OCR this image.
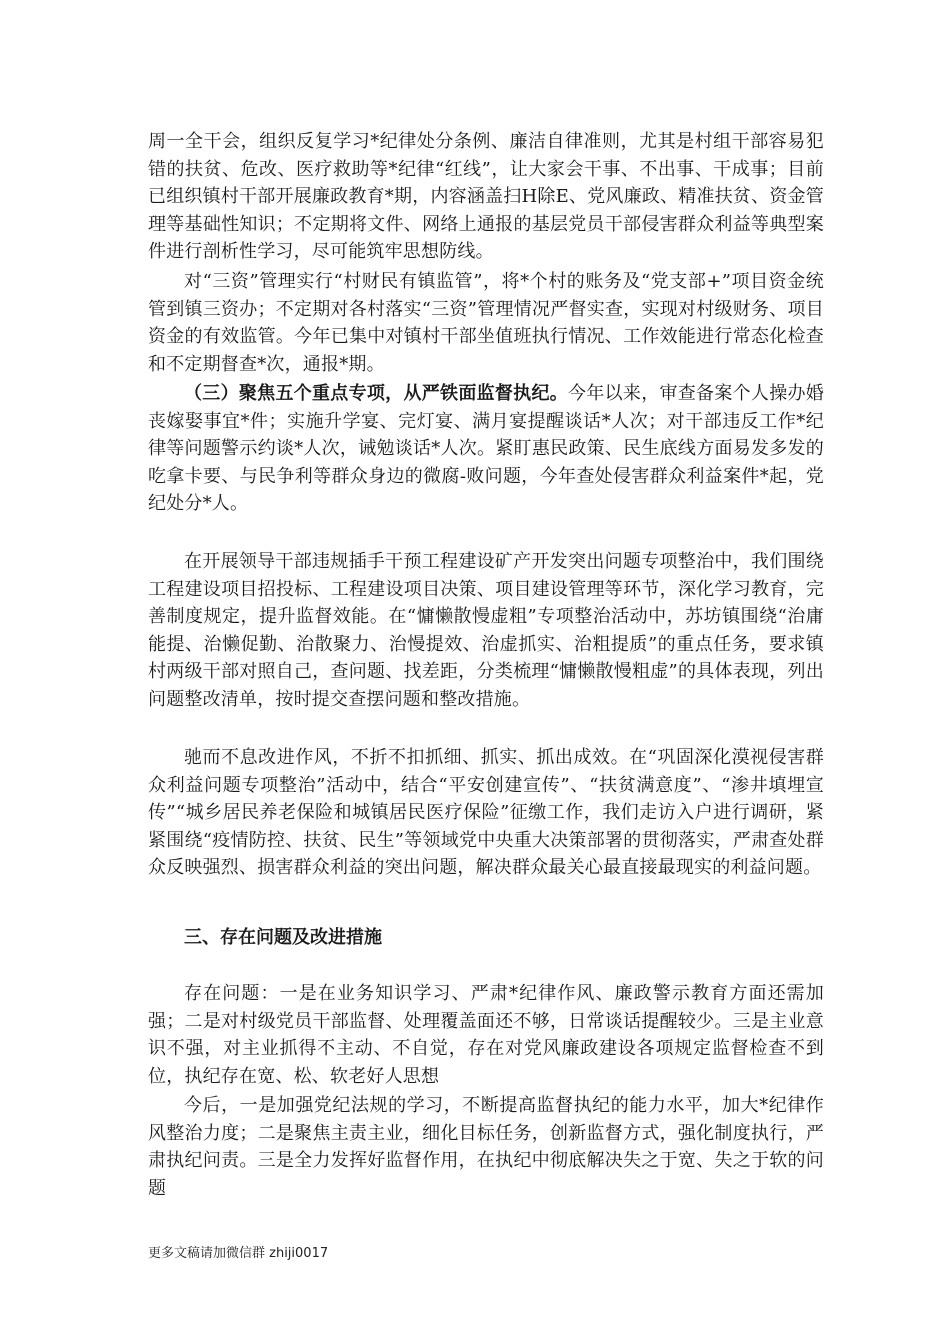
周一全干会，组织反复学习*纪律处分条例、廉洁自律准则，尤其是村组干部容易犯错的扶贫、危改、医疗救助等*纪律“红线”，让大家会干事、不出事、干成事；目前已组织镇村干部开展廉政教育*期，内容涵盖扫H除E、党风廉政、精准扶贫、资金管理等基础性知识；不定期将文件、网络上通报的基层党员干部侵害群众利益等典型案件进行剖析性学习，尽可能筑牢思想防线。

对“三资”管理实行“村财民有镇监管”，将*个村的账务及“党支部+”项目资金统管到镇三资办；不定期对各村落实“三资”管理情况严督实查，实现对村级财务、项目资金的有效监管。今年已集中对镇村干部坐值班执行情况、工作效能进行常态化检查和不定期督查*次，通报*期。

（三）聚焦五个重点专项，从严铁面监督执纪。今年以来，审查备案个人操办婚丧嫁娶事宜*件；实施升学宴、完灯宴、满月宴提醒谈话*人次；对干部违反工作*纪律等问题警示约谈*人次，诫勉谈话*人次。紧盯惠民政策、民生底线方面易发多发的吃拿卡要、与民争利等群众身边的微腐-败问题，今年查处侵害群众利益案件*起，党纪处分*人。

在开展领导干部违规插手干预工程建设矿产开发突出问题专项整治中，我们围绕工程建设项目招投标、工程建设项目决策、项目建设管理等环节，深化学习教育，完善制度规定，提升监督效能。在“慵懒散慢虚粗”专项整治活动中，苏坊镇围绕“治庸能提、治懒促勤、治散聚力、治慢提效、治虚抓实、治粗提质”的重点任务，要求镇村两级干部对照自己，查问题、找差距，分类梳理“慵懒散慢粗虚”的具体表现，列出问题整改清单，按时提交查摆问题和整改措施。

驰而不息改进作风，不折不扣抓细、抓实、抓出成效。在“巩固深化漠视侵害群众利益问题专项整治”活动中，结合“平安创建宣传”、“扶贫满意度”、“渗井填埋宣传”“城乡居民养老保险和城镇居民医疗保险”征缴工作，我们走访入户进行调研，紧紧围绕“疫情防控、扶贫、民生”等领域党中央重大决策部署的贯彻落实，严肃查处群众反映强烈、损害群众利益的突出问题，解决群众最关心最直接最现实的利益问题。

三、存在问题及改进措施

存在问题：一是在业务知识学习、严肃*纪律作风、廉政警示教育方面还需加强；二是对村级党员干部监督、处理覆盖面还不够，日常谈话提醒较少。三是主业意识不强，对主业抓得不主动、不自觉，存在对党风廉政建设各项规定监督检查不到位，执纪存在宽、松、软老好人思想

今后，一是加强党纪法规的学习，不断提高监督执纪的能力水平，加大*纪律作风整治力度；二是聚焦主责主业，细化目标任务，创新监督方式，强化制度执行，严肃执纪问责。三是全力发挥好监督作用，在执纪中彻底解决失之于宽、失之于软的问题

更多文稿请加微信群 zhiji0017
